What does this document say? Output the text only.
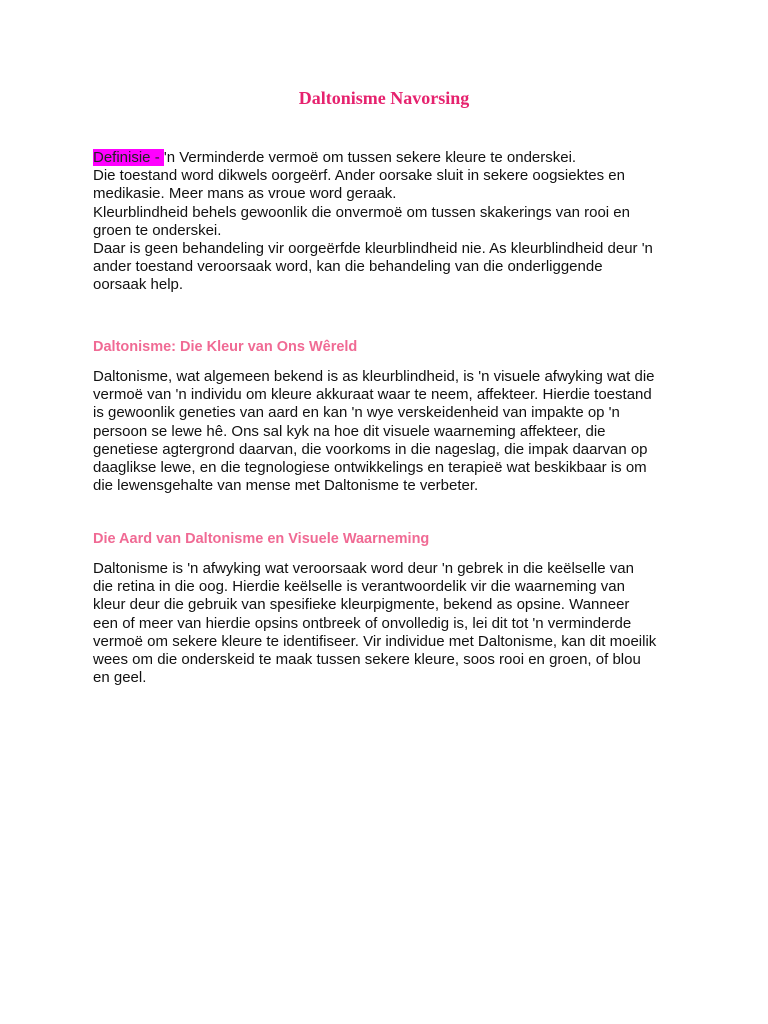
Daltonisme Navorsing
Definisie - 'n Verminderde vermoë om tussen sekere kleure te onderskei.
Die toestand word dikwels oorgeërf. Ander oorsake sluit in sekere oogsiektes en
medikasie. Meer mans as vroue word geraak.
Kleurblindheid behels gewoonlik die onvermoë om tussen skakerings van rooi en
groen te onderskei.
Daar is geen behandeling vir oorgeërfde kleurblindheid nie. As kleurblindheid deur 'n
ander toestand veroorsaak word, kan die behandeling van die onderliggende
oorsaak help.
Daltonisme: Die Kleur van Ons Wêreld
Daltonisme, wat algemeen bekend is as kleurblindheid, is 'n visuele afwyking wat die
vermoë van 'n individu om kleure akkuraat waar te neem, affekteer. Hierdie toestand
is gewoonlik geneties van aard en kan 'n wye verskeidenheid van impakte op 'n
persoon se lewe hê. Ons sal kyk na hoe dit visuele waarneming affekteer, die
genetiese agtergrond daarvan, die voorkoms in die nageslag, die impak daarvan op
daaglikse lewe, en die tegnologiese ontwikkelings en terapieë wat beskikbaar is om
die lewensgehalte van mense met Daltonisme te verbeter.
Die Aard van Daltonisme en Visuele Waarneming
Daltonisme is 'n afwyking wat veroorsaak word deur 'n gebrek in die keëlselle van
die retina in die oog. Hierdie keëlselle is verantwoordelik vir die waarneming van
kleur deur die gebruik van spesifieke kleurpigmente, bekend as opsine. Wanneer
een of meer van hierdie opsins ontbreek of onvolledig is, lei dit tot 'n verminderde
vermoë om sekere kleure te identifiseer. Vir individue met Daltonisme, kan dit moeilik
wees om die onderskeid te maak tussen sekere kleure, soos rooi en groen, of blou
en geel.
